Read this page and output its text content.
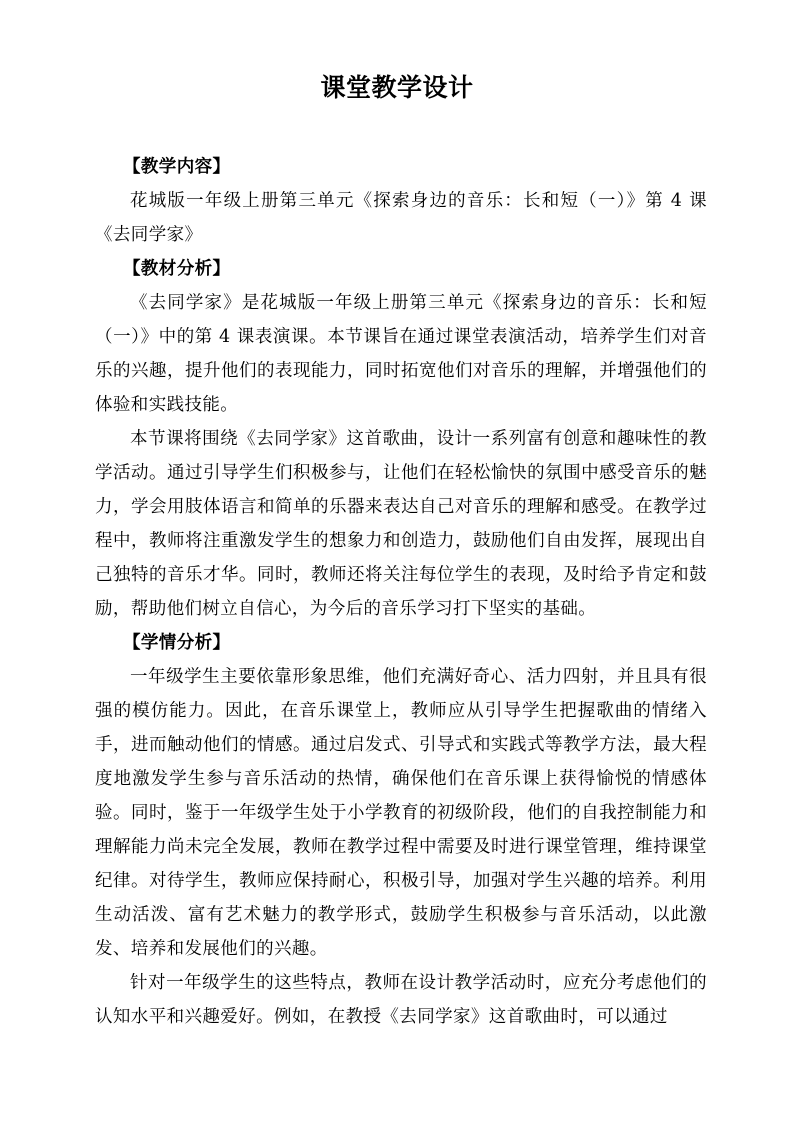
课堂教学设计

【教学内容】

花城版一年级上册第三单元《探索身边的音乐：长和短（一）》第 4 课《去同学家》

【教材分析】

《去同学家》是花城版一年级上册第三单元《探索身边的音乐：长和短（一）》中的第 4 课表演课。本节课旨在通过课堂表演活动，培养学生们对音乐的兴趣，提升他们的表现能力，同时拓宽他们对音乐的理解，并增强他们的体验和实践技能。

本节课将围绕《去同学家》这首歌曲，设计一系列富有创意和趣味性的教学活动。通过引导学生们积极参与，让他们在轻松愉快的氛围中感受音乐的魅力，学会用肢体语言和简单的乐器来表达自己对音乐的理解和感受。在教学过程中，教师将注重激发学生的想象力和创造力，鼓励他们自由发挥，展现出自己独特的音乐才华。同时，教师还将关注每位学生的表现，及时给予肯定和鼓励，帮助他们树立自信心，为今后的音乐学习打下坚实的基础。

【学情分析】

一年级学生主要依靠形象思维，他们充满好奇心、活力四射，并且具有很强的模仿能力。因此，在音乐课堂上，教师应从引导学生把握歌曲的情绪入手，进而触动他们的情感。通过启发式、引导式和实践式等教学方法，最大程度地激发学生参与音乐活动的热情，确保他们在音乐课上获得愉悦的情感体验。同时，鉴于一年级学生处于小学教育的初级阶段，他们的自我控制能力和理解能力尚未完全发展，教师在教学过程中需要及时进行课堂管理，维持课堂纪律。对待学生，教师应保持耐心，积极引导，加强对学生兴趣的培养。利用生动活泼、富有艺术魅力的教学形式，鼓励学生积极参与音乐活动，以此激发、培养和发展他们的兴趣。

针对一年级学生的这些特点，教师在设计教学活动时，应充分考虑他们的认知水平和兴趣爱好。例如，在教授《去同学家》这首歌曲时，可以通过
